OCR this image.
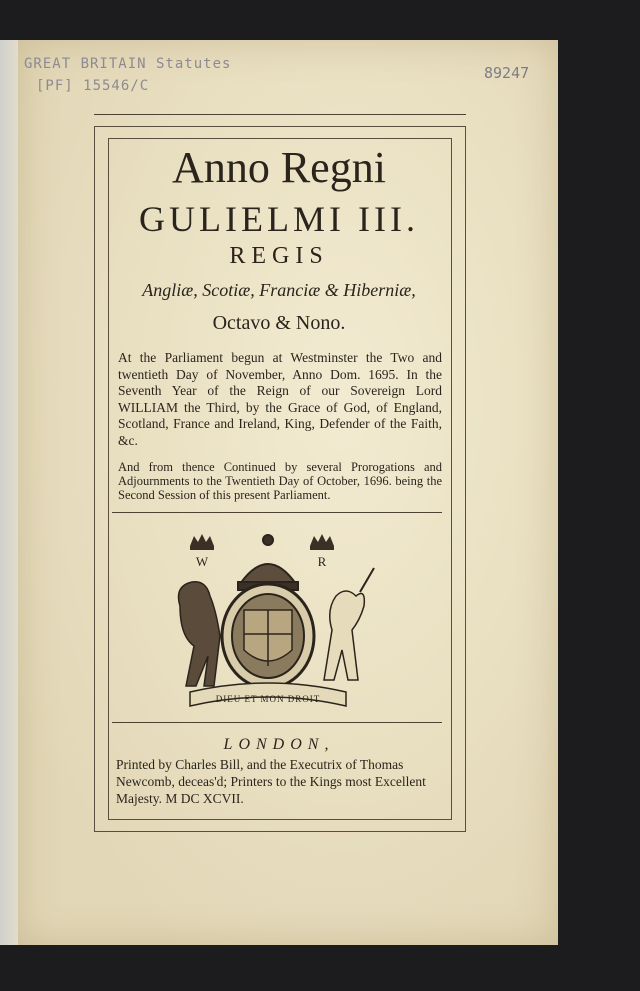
GREAT BRITAIN Statutes

[PF] 15546/C

89247

Anno Regni

GULIELMI III.

REGIS

Angliæ, Scotiæ, Franciæ & Hiberniæ,

Octavo & Nono.

At the Parliament begun at Westminster the Two and twentieth Day of November, Anno Dom. 1695. In the Seventh Year of the Reign of our Sovereign Lord WILLIAM the Third, by the Grace of God, of England, Scotland, France and Ireland, King, Defender of the Faith, &c.

And from thence Continued by several Prorogations and Adjournments to the Twentieth Day of October, 1696. being the Second Session of this present Parliament.

W	R
DIEU ET MON DROIT

LONDON,

Printed by Charles Bill, and the Executrix of Thomas Newcomb, deceas'd; Printers to the Kings most Excellent Majesty. M DC XCVII.
